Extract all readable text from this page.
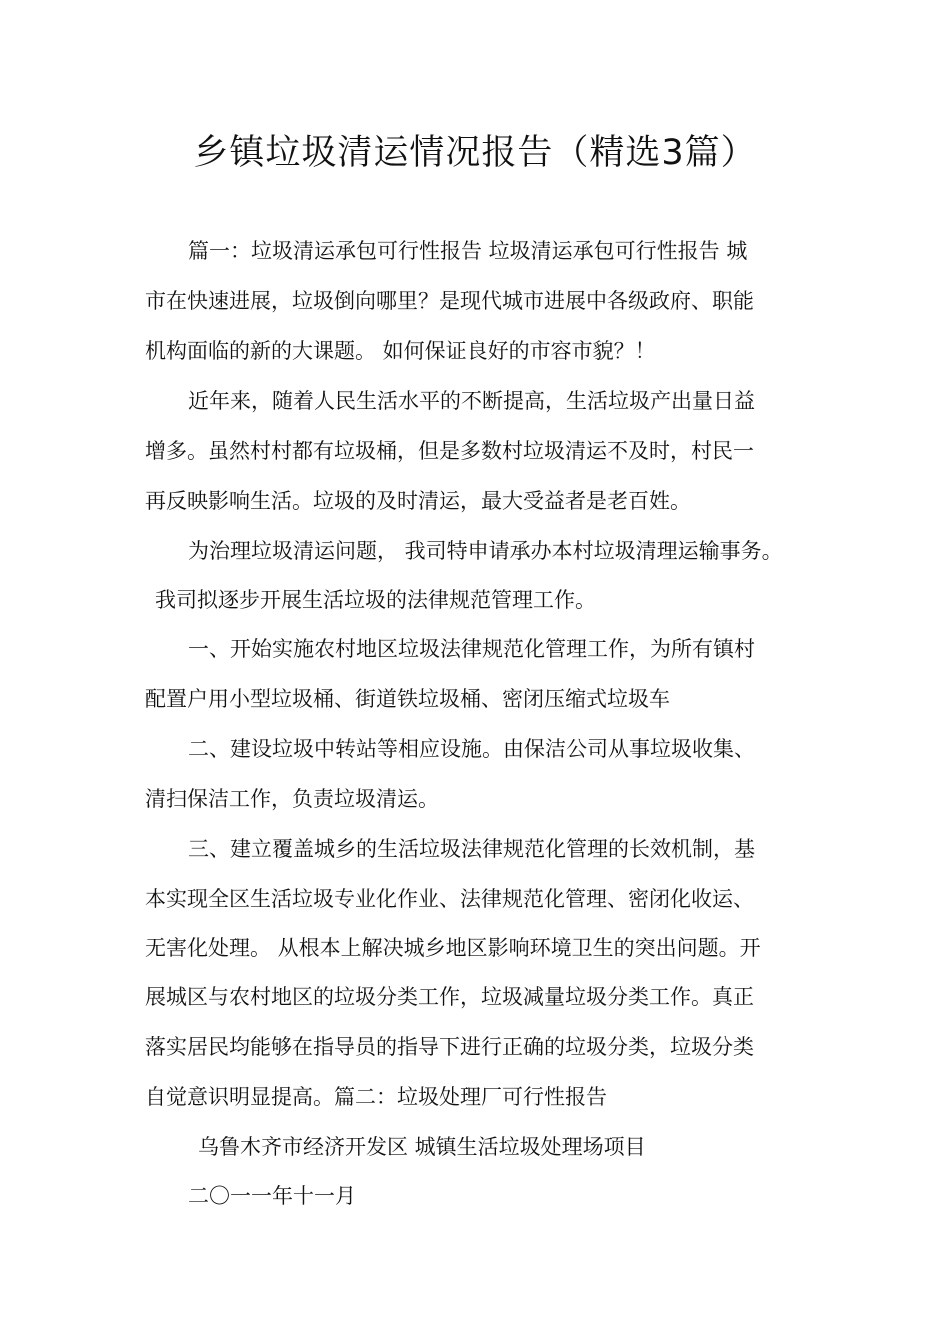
乡镇垃圾清运情况报告（精选3篇）

篇一：垃圾清运承包可行性报告 垃圾清运承包可行性报告 城

市在快速进展，垃圾倒向哪里？是现代城市进展中各级政府、职能

机构面临的新的大课题。 如何保证良好的市容市貌？！

近年来，随着人民生活水平的不断提高，生活垃圾产出量日益

增多。虽然村村都有垃圾桶，但是多数村垃圾清运不及时，村民一

再反映影响生活。垃圾的及时清运，最大受益者是老百姓。

为治理垃圾清运问题， 我司特申请承办本村垃圾清理运输事务。

我司拟逐步开展生活垃圾的法律规范管理工作。

一、开始实施农村地区垃圾法律规范化管理工作，为所有镇村

配置户用小型垃圾桶、街道铁垃圾桶、密闭压缩式垃圾车

二、建设垃圾中转站等相应设施。由保洁公司从事垃圾收集、

清扫保洁工作，负责垃圾清运。

三、建立覆盖城乡的生活垃圾法律规范化管理的长效机制，基

本实现全区生活垃圾专业化作业、法律规范化管理、密闭化收运、

无害化处理。 从根本上解决城乡地区影响环境卫生的突出问题。开

展城区与农村地区的垃圾分类工作，垃圾减量垃圾分类工作。真正

落实居民均能够在指导员的指导下进行正确的垃圾分类，垃圾分类

自觉意识明显提高。篇二：垃圾处理厂可行性报告

乌鲁木齐市经济开发区 城镇生活垃圾处理场项目

二〇一一年十一月
